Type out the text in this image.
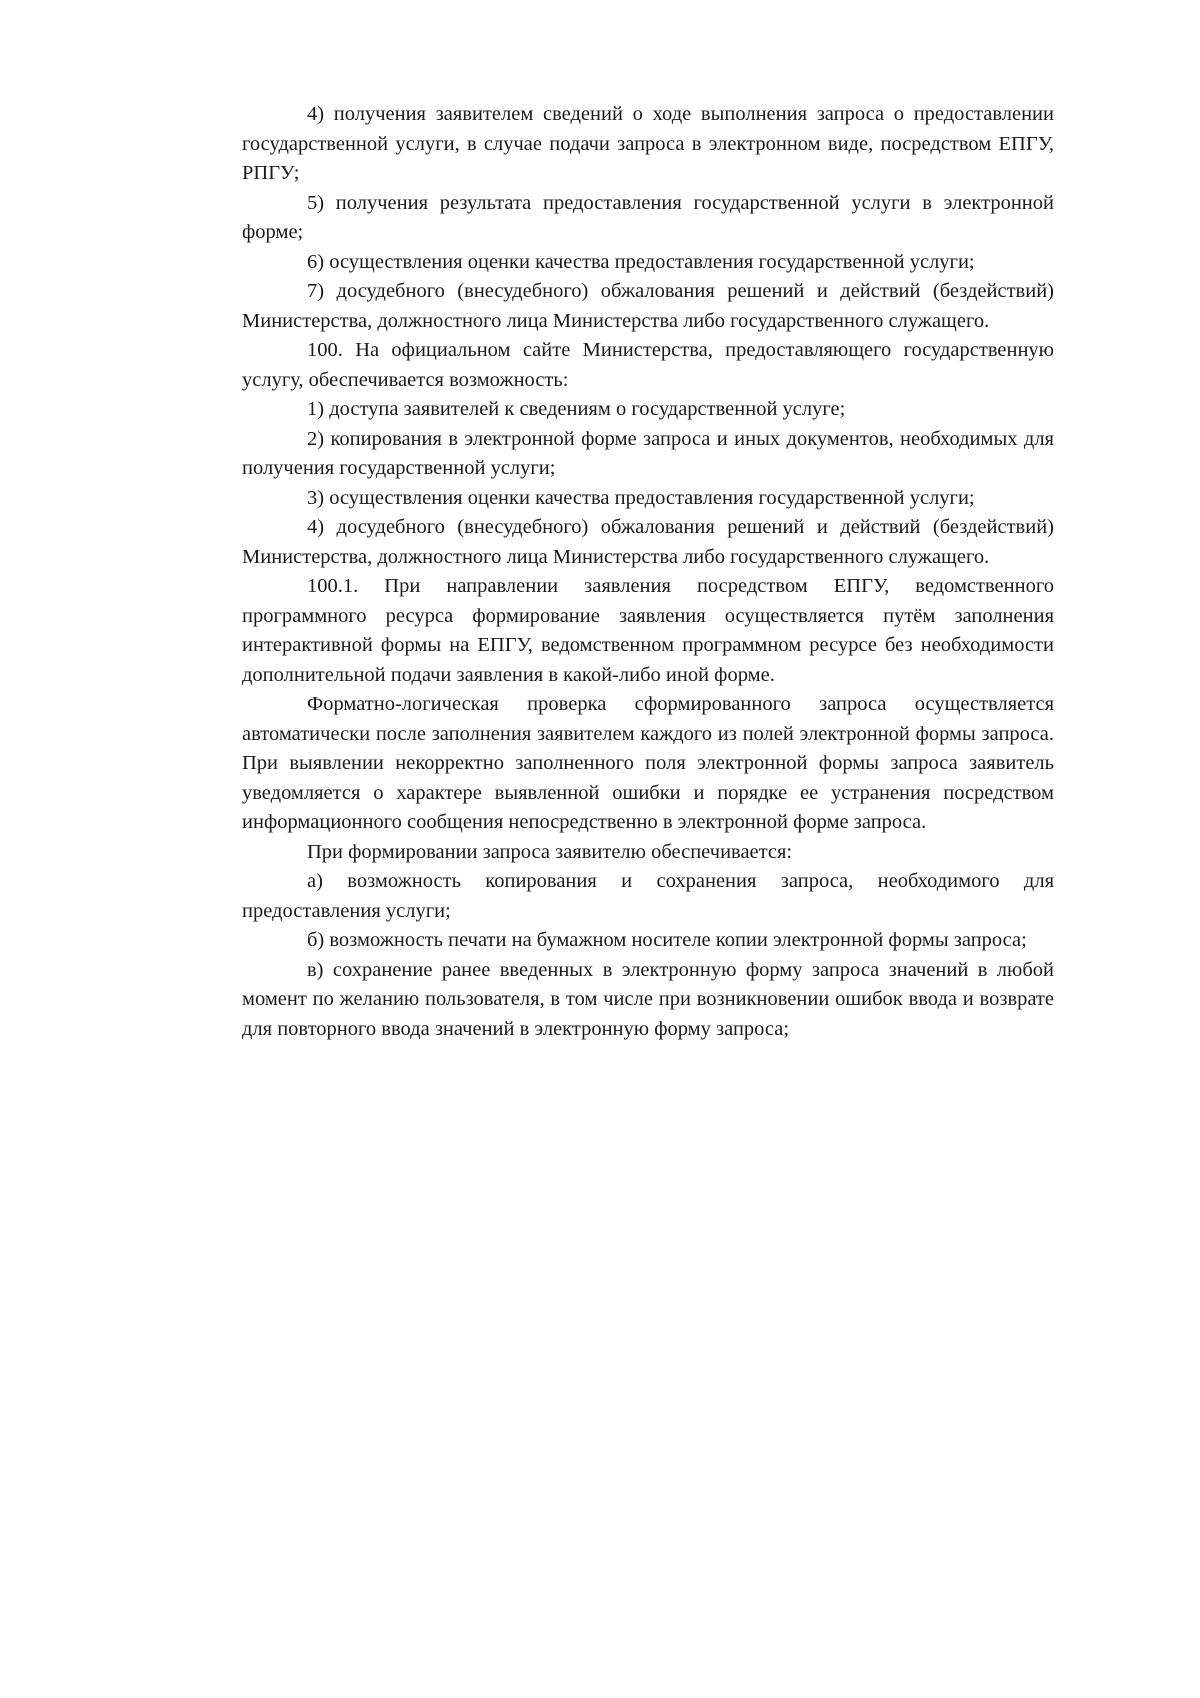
4) получения заявителем сведений о ходе выполнения запроса о предоставлении государственной услуги, в случае подачи запроса в электронном виде, посредством ЕПГУ, РПГУ;

5) получения результата предоставления государственной услуги в электронной форме;

6) осуществления оценки качества предоставления государственной услуги;

7) досудебного (внесудебного) обжалования решений и действий (бездействий) Министерства, должностного лица Министерства либо государственного служащего.

100. На официальном сайте Министерства, предоставляющего государственную услугу, обеспечивается возможность:

1) доступа заявителей к сведениям о государственной услуге;

2) копирования в электронной форме запроса и иных документов, необходимых для получения государственной услуги;

3) осуществления оценки качества предоставления государственной услуги;

4) досудебного (внесудебного) обжалования решений и действий (бездействий) Министерства, должностного лица Министерства либо государственного служащего.

100.1. При направлении заявления посредством ЕПГУ, ведомственного программного ресурса формирование заявления осуществляется путём заполнения интерактивной формы на ЕПГУ, ведомственном программном ресурсе без необходимости дополнительной подачи заявления в какой-либо иной форме.

Форматно-логическая проверка сформированного запроса осуществляется автоматически после заполнения заявителем каждого из полей электронной формы запроса. При выявлении некорректно заполненного поля электронной формы запроса заявитель уведомляется о характере выявленной ошибки и порядке ее устранения посредством информационного сообщения непосредственно в электронной форме запроса.

При формировании запроса заявителю обеспечивается:

а) возможность копирования и сохранения запроса, необходимого для предоставления услуги;

б) возможность печати на бумажном носителе копии электронной формы запроса;

в) сохранение ранее введенных в электронную форму запроса значений в любой момент по желанию пользователя, в том числе при возникновении ошибок ввода и возврате для повторного ввода значений в электронную форму запроса;
